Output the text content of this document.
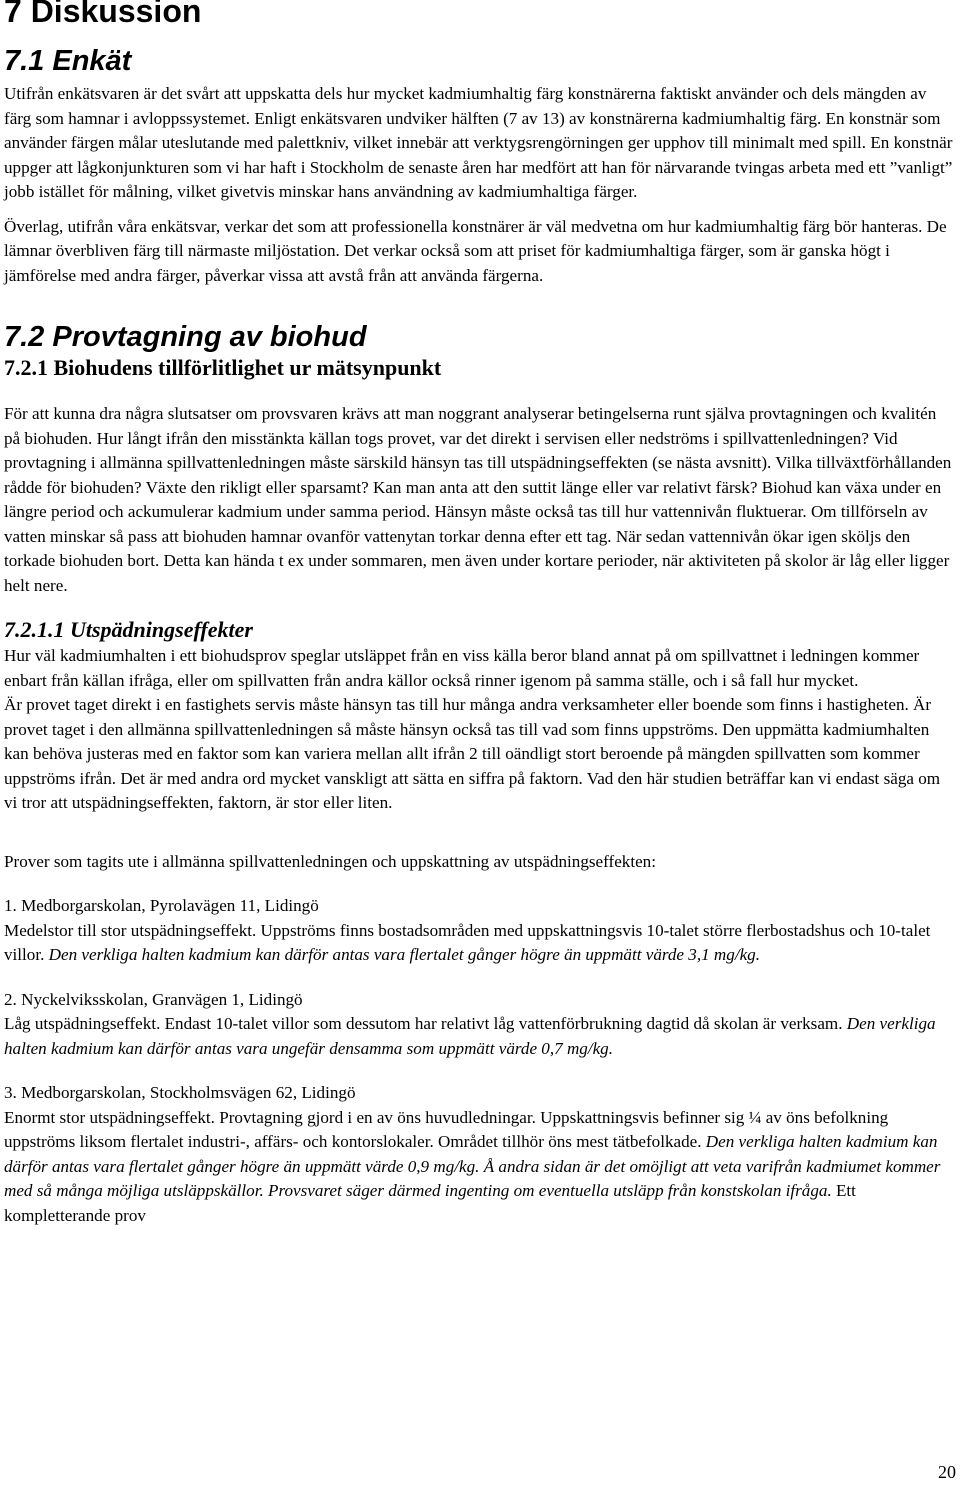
7 Diskussion
7.1 Enkät

Utifrån enkätsvaren är det svårt att uppskatta dels hur mycket kadmiumhaltig färg konstnärerna faktiskt använder och dels mängden av färg som hamnar i avloppssystemet. Enligt enkätsvaren undviker hälften (7 av 13) av konstnärerna kadmiumhaltig färg. En konstnär som använder färgen målar uteslutande med palettkniv, vilket innebär att verktygsrengörningen ger upphov till minimalt med spill. En konstnär uppger att lågkonjunkturen som vi har haft i Stockholm de senaste åren har medfört att han för närvarande tvingas arbeta med ett ”vanligt” jobb istället för målning, vilket givetvis minskar hans användning av kadmiumhaltiga färger.

Överlag, utifrån våra enkätsvar, verkar det som att professionella konstnärer är väl medvetna om hur kadmiumhaltig färg bör hanteras. De lämnar överbliven färg till närmaste miljöstation. Det verkar också som att priset för kadmiumhaltiga färger, som är ganska högt i jämförelse med andra färger, påverkar vissa att avstå från att använda färgerna.

7.2 Provtagning av biohud
7.2.1 Biohudens tillförlitlighet ur mätsynpunkt

För att kunna dra några slutsatser om provsvaren krävs att man noggrant analyserar betingelserna runt själva provtagningen och kvalitén på biohuden. Hur långt ifrån den misstänkta källan togs provet, var det direkt i servisen eller nedströms i spillvattenledningen? Vid provtagning i allmänna spillvattenledningen måste särskild hänsyn tas till utspädningseffekten (se nästa avsnitt). Vilka tillväxtförhållanden rådde för biohuden? Växte den rikligt eller sparsamt? Kan man anta att den suttit länge eller var relativt färsk? Biohud kan växa under en längre period och ackumulerar kadmium under samma period. Hänsyn måste också tas till hur vattennivån fluktuerar. Om tillförseln av vatten minskar så pass att biohuden hamnar ovanför vattenytan torkar denna efter ett tag. När sedan vattennivån ökar igen sköljs den torkade biohuden bort. Detta kan hända t ex under sommaren, men även under kortare perioder, när aktiviteten på skolor är låg eller ligger helt nere.

7.2.1.1 Utspädningseffekter

Hur väl kadmiumhalten i ett biohudsprov speglar utsläppet från en viss källa beror bland annat på om spillvattnet i ledningen kommer enbart från källan ifråga, eller om spillvatten från andra källor också rinner igenom på samma ställe, och i så fall hur mycket.

Är provet taget direkt i en fastighets servis måste hänsyn tas till hur många andra verksamheter eller boende som finns i hastigheten. Är provet taget i den allmänna spillvattenledningen så måste hänsyn också tas till vad som finns uppströms. Den uppmätta kadmiumhalten kan behöva justeras med en faktor som kan variera mellan allt ifrån 2 till oändligt stort beroende på mängden spillvatten som kommer uppströms ifrån. Det är med andra ord mycket vanskligt att sätta en siffra på faktorn. Vad den här studien beträffar kan vi endast säga om vi tror att utspädningseffekten, faktorn, är stor eller liten.

Prover som tagits ute i allmänna spillvattenledningen och uppskattning av utspädningseffekten:

1. Medborgarskolan, Pyrolavägen 11, Lidingö

Medelstor till stor utspädningseffekt. Uppströms finns bostadsområden med uppskattningsvis 10-talet större flerbostadshus och 10-talet villor. Den verkliga halten kadmium kan därför antas vara flertalet gånger högre än uppmätt värde 3,1 mg/kg.

2. Nyckelviksskolan, Granvägen 1, Lidingö

Låg utspädningseffekt. Endast 10-talet villor som dessutom har relativt låg vattenförbrukning dagtid då skolan är verksam. Den verkliga halten kadmium kan därför antas vara ungefär densamma som uppmätt värde 0,7 mg/kg.

3. Medborgarskolan, Stockholmsvägen 62, Lidingö

Enormt stor utspädningseffekt. Provtagning gjord i en av öns huvudledningar. Uppskattningsvis befinner sig ¼ av öns befolkning uppströms liksom flertalet industri-, affärs- och kontorslokaler. Området tillhör öns mest tätbefolkade. Den verkliga halten kadmium kan därför antas vara flertalet gånger högre än uppmätt värde 0,9 mg/kg. Å andra sidan är det omöjligt att veta varifrån kadmiumet kommer med så många möjliga utsläppskällor. Provsvaret säger därmed ingenting om eventuella utsläpp från konstskolan ifråga. Ett kompletterande prov

20
